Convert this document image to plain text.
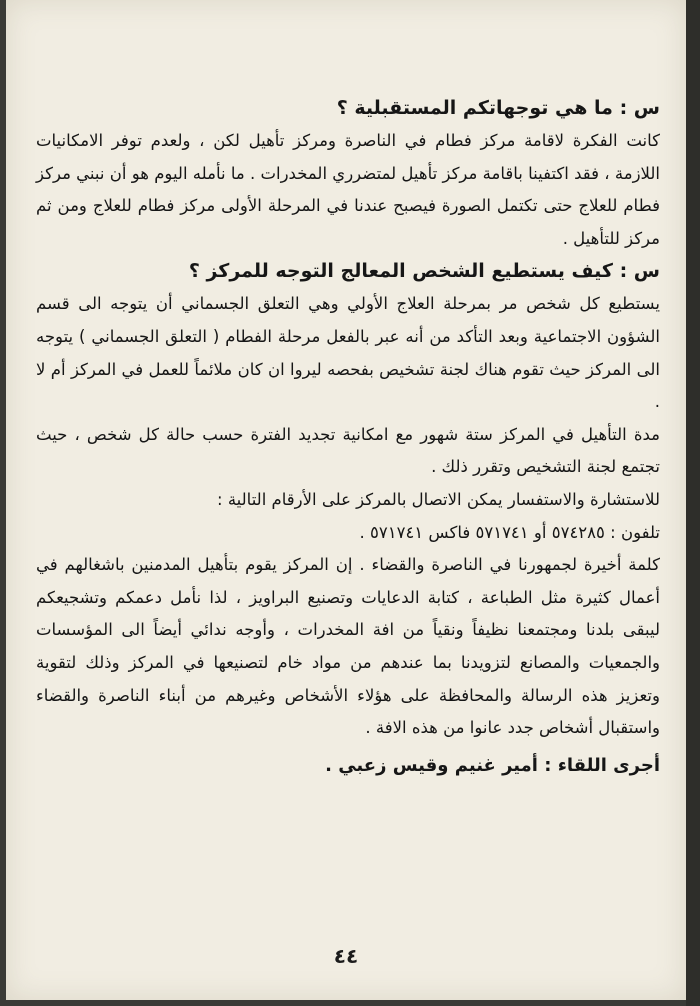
س : ما هي توجهاتكم المستقبلية ؟

كانت الفكرة لاقامة مركز فطام في الناصرة ومركز تأهيل لكن ، ولعدم توفر الامكانيات اللازمة ، فقد اكتفينا باقامة مركز تأهيل لمتضرري المخدرات . ما نأمله اليوم هو أن نبني مركز فطام للعلاج حتى تكتمل الصورة فيصبح عندنا في المرحلة الأولى مركز فطام للعلاج ومن ثم مركز للتأهيل .

س : كيف يستطيع الشخص المعالج التوجه للمركز ؟

يستطيع كل شخص مر بمرحلة العلاج الأولي وهي التعلق الجسماني أن يتوجه الى قسم الشؤون الاجتماعية وبعد التأكد من أنه عبر بالفعل مرحلة الفطام ( التعلق الجسماني ) يتوجه الى المركز حيث تقوم هناك لجنة تشخيص بفحصه ليروا ان كان ملائماً للعمل في المركز أم لا .

مدة التأهيل في المركز ستة شهور مع امكانية تجديد الفترة حسب حالة كل شخص ، حيث تجتمع لجنة التشخيص وتقرر ذلك .

للاستشارة والاستفسار يمكن الاتصال بالمركز على الأرقام التالية :

تلفون : ٥٧٤٢٨٥ أو ٥٧١٧٤١ فاكس ٥٧١٧٤١ .

كلمة أخيرة لجمهورنا في الناصرة والقضاء . إن المركز يقوم بتأهيل المدمنين باشغالهم في أعمال كثيرة مثل الطباعة ، كتابة الدعايات وتصنيع البراويز ، لذا نأمل دعمكم وتشجيعكم ليبقى بلدنا ومجتمعنا نظيفاً ونقياً من افة المخدرات ، وأوجه ندائي أيضاً الى المؤسسات والجمعيات والمصانع لتزويدنا بما عندهم من مواد خام لتصنيعها في المركز وذلك لتقوية وتعزيز هذه الرسالة والمحافظة على هؤلاء الأشخاص وغيرهم من أبناء الناصرة والقضاء واستقبال أشخاص جدد عانوا من هذه الافة .

أجرى اللقاء : أمير غنيم وقيس زعبي .

٤٤
